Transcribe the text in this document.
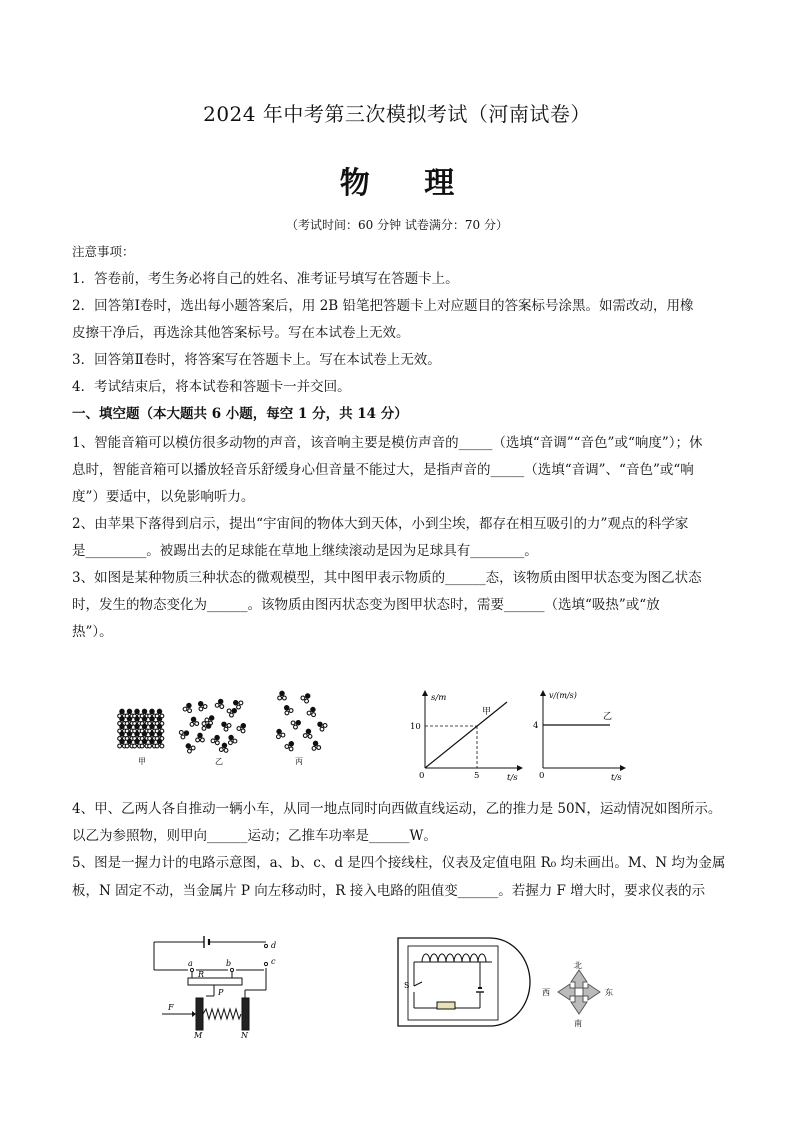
2024 年中考第三次模拟考试（河南试卷）
物 理
（考试时间：60 分钟 试卷满分：70 分）
注意事项：
1．答卷前，考生务必将自己的姓名、准考证号填写在答题卡上。
2．回答第Ⅰ卷时，选出每小题答案后，用 2B 铅笔把答题卡上对应题目的答案标号涂黑。如需改动，用橡
皮擦干净后，再选涂其他答案标号。写在本试卷上无效。
3．回答第Ⅱ卷时，将答案写在答题卡上。写在本试卷上无效。
4．考试结束后，将本试卷和答题卡一并交回。
一、填空题（本大题共 6 小题，每空 1 分，共 14 分）
1、智能音箱可以模仿很多动物的声音，该音响主要是模仿声音的_____（选填“音调”“音色”或“响度”）；休
息时，智能音箱可以播放轻音乐舒缓身心但音量不能过大，是指声音的_____（选填“音调”、“音色”或“响
度”）要适中，以免影响听力。
2、由苹果下落得到启示，提出“宇宙间的物体大到天体，小到尘埃，都存在相互吸引的力”观点的科学家
是_________。被踢出去的足球能在草地上继续滚动是因为足球具有________。
3、如图是某种物质三种状态的微观模型，其中图甲表示物质的______态，该物质由图甲状态变为图乙状态
时，发生的物态变化为______。该物质由图丙状态变为图甲状态时，需要______（选填“吸热”或“放
热”）。
甲	乙	丙
s/m
t/s
0
10
5
甲
v/(m/s)
t/s
0
4
乙
4、甲、乙两人各自推动一辆小车，从同一地点同时向西做直线运动，乙的推力是 50N，运动情况如图所示。
以乙为参照物，则甲向______运动；乙推车功率是______W。
5、图是一握力计的电路示意图，a、b、c、d 是四个接线柱，仪表及定值电阻 R₀ 均未画出。M、N 均为金属
板，N 固定不动，当金属片 P 向左移动时，R 接入电路的阻值变______。若握力 F 增大时，要求仪表的示
a	b	c
d
R
P
F
M	N
S
北
南
西	东
